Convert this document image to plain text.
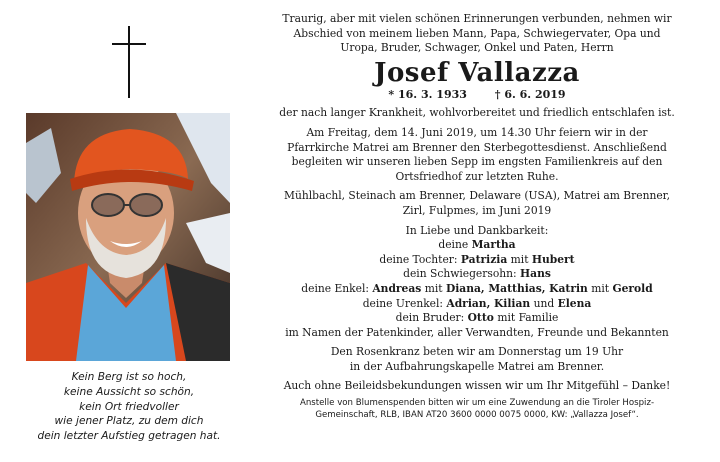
Kein Berg ist so hoch,
keine Aussicht so schön,
kein Ort friedvoller
wie jener Platz, zu dem dich
dein letzter Aufstieg getragen hat.
Traurig, aber mit vielen schönen Erinnerungen verbunden, nehmen wir
Abschied von meinem lieben Mann, Papa, Schwiegervater, Opa und
Uropa, Bruder, Schwager, Onkel und Paten, Herrn
Josef Vallazza
* 16. 3. 1933	† 6. 6. 2019
der nach langer Krankheit, wohlvorbereitet und friedlich entschlafen ist.
Am Freitag, dem 14. Juni 2019, um 14.30 Uhr feiern wir in der
Pfarrkirche Matrei am Brenner den Sterbegottesdienst. Anschließend
begleiten wir unseren lieben Sepp im engsten Familienkreis auf den
Ortsfriedhof zur letzten Ruhe.
Mühlbachl, Steinach am Brenner, Delaware (USA), Matrei am Brenner,
Zirl, Fulpmes, im Juni 2019
In Liebe und Dankbarkeit:
deine Martha
deine Tochter: Patrizia mit Hubert
dein Schwiegersohn: Hans
deine Enkel: Andreas mit Diana, Matthias, Katrin mit Gerold
deine Urenkel: Adrian, Kilian und Elena
dein Bruder: Otto mit Familie
im Namen der Patenkinder, aller Verwandten, Freunde und Bekannten
Den Rosenkranz beten wir am Donnerstag um 19 Uhr
in der Aufbahrungskapelle Matrei am Brenner.
Auch ohne Beileidsbekundungen wissen wir um Ihr Mitgefühl – Danke!
Anstelle von Blumenspenden bitten wir um eine Zuwendung an die Tiroler Hospiz-
Gemeinschaft, RLB, IBAN AT20 3600 0000 0075 0000, KW: „Vallazza Josef“.
